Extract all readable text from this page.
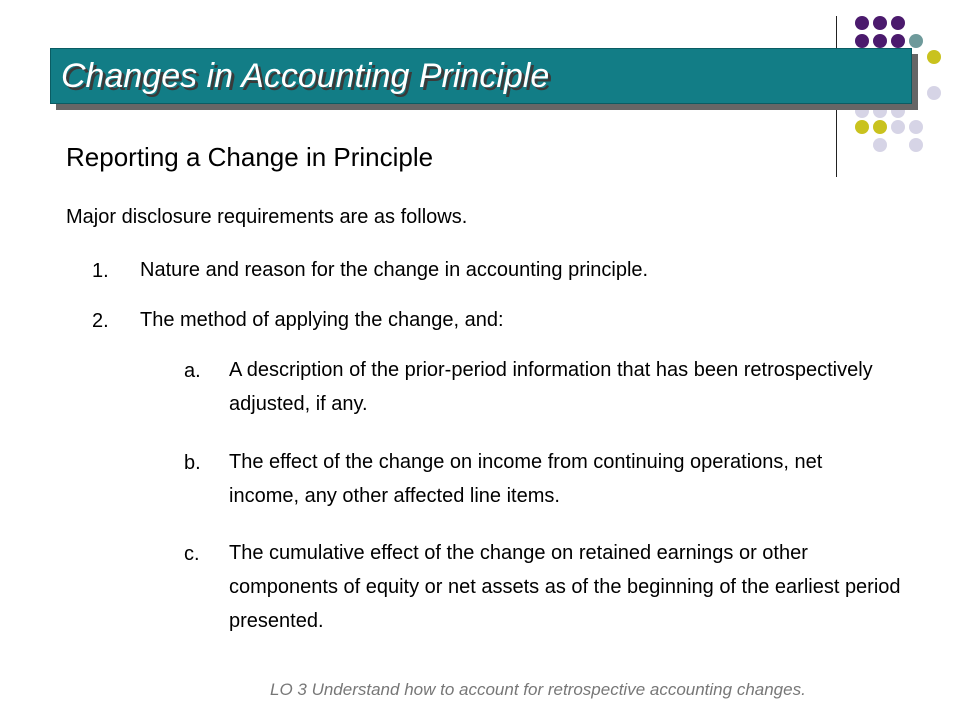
Changes in Accounting Principle
Reporting a Change in Principle
Major disclosure requirements are as follows.
1. Nature and reason for the change in accounting principle.
2. The method of applying the change, and:
a. A description of the prior-period information that has been retrospectively adjusted, if any.
b. The effect of the change on income from continuing operations, net income, any other affected line items.
c. The cumulative effect of the change on retained earnings or other components of equity or net assets as of the beginning of the earliest period presented.
LO 3 Understand how to account for retrospective accounting changes.
